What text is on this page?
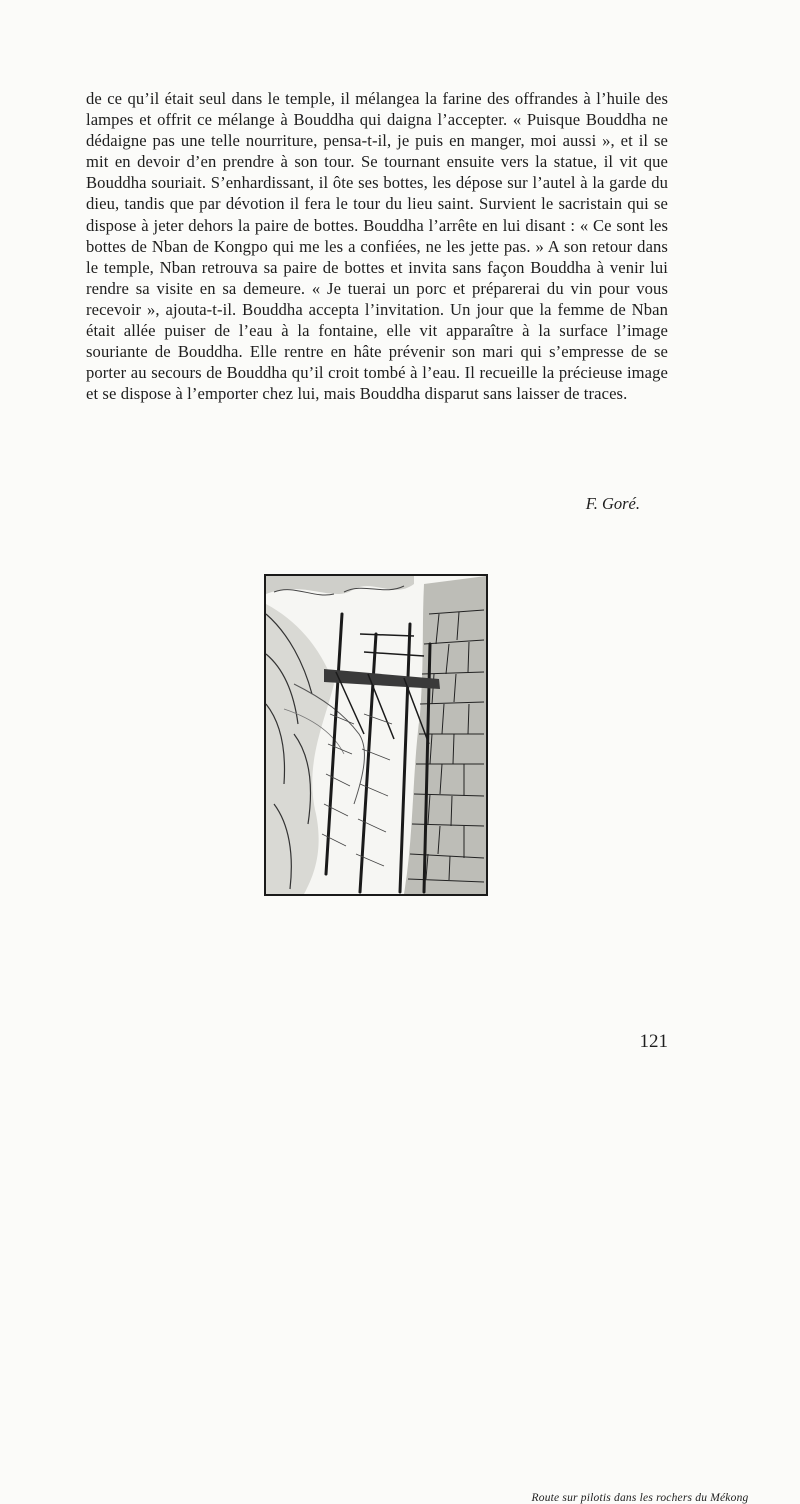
de ce qu’il était seul dans le temple, il mélangea la farine des offrandes à l’huile des lampes et offrit ce mélange à Bouddha qui daigna l’accepter. « Puisque Bouddha ne dédaigne pas une telle nourriture, pensa-t-il, je puis en manger, moi aussi », et il se mit en devoir d’en prendre à son tour. Se tournant ensuite vers la statue, il vit que Bouddha souriait. S’enhardissant, il ôte ses bottes, les dépose sur l’autel à la garde du dieu, tandis que par dévotion il fera le tour du lieu saint. Survient le sacristain qui se dispose à jeter dehors la paire de bottes. Bouddha l’arrête en lui disant : « Ce sont les bottes de Nban de Kongpo qui me les a confiées, ne les jette pas. » A son retour dans le temple, Nban retrouva sa paire de bottes et invita sans façon Bouddha à venir lui rendre sa visite en sa demeure. « Je tuerai un porc et préparerai du vin pour vous recevoir », ajouta-t-il. Bouddha accepta l’invitation. Un jour que la femme de Nban était allée puiser de l’eau à la fontaine, elle vit apparaître à la surface l’image souriante de Bouddha. Elle rentre en hâte prévenir son mari qui s’empresse de se porter au secours de Bouddha qu’il croit tombé à l’eau. Il recueille la précieuse image et se dispose à l’emporter chez lui, mais Bouddha disparut sans laisser de traces.

F. Goré.

Route sur pilotis dans les rochers du Mékong

121
